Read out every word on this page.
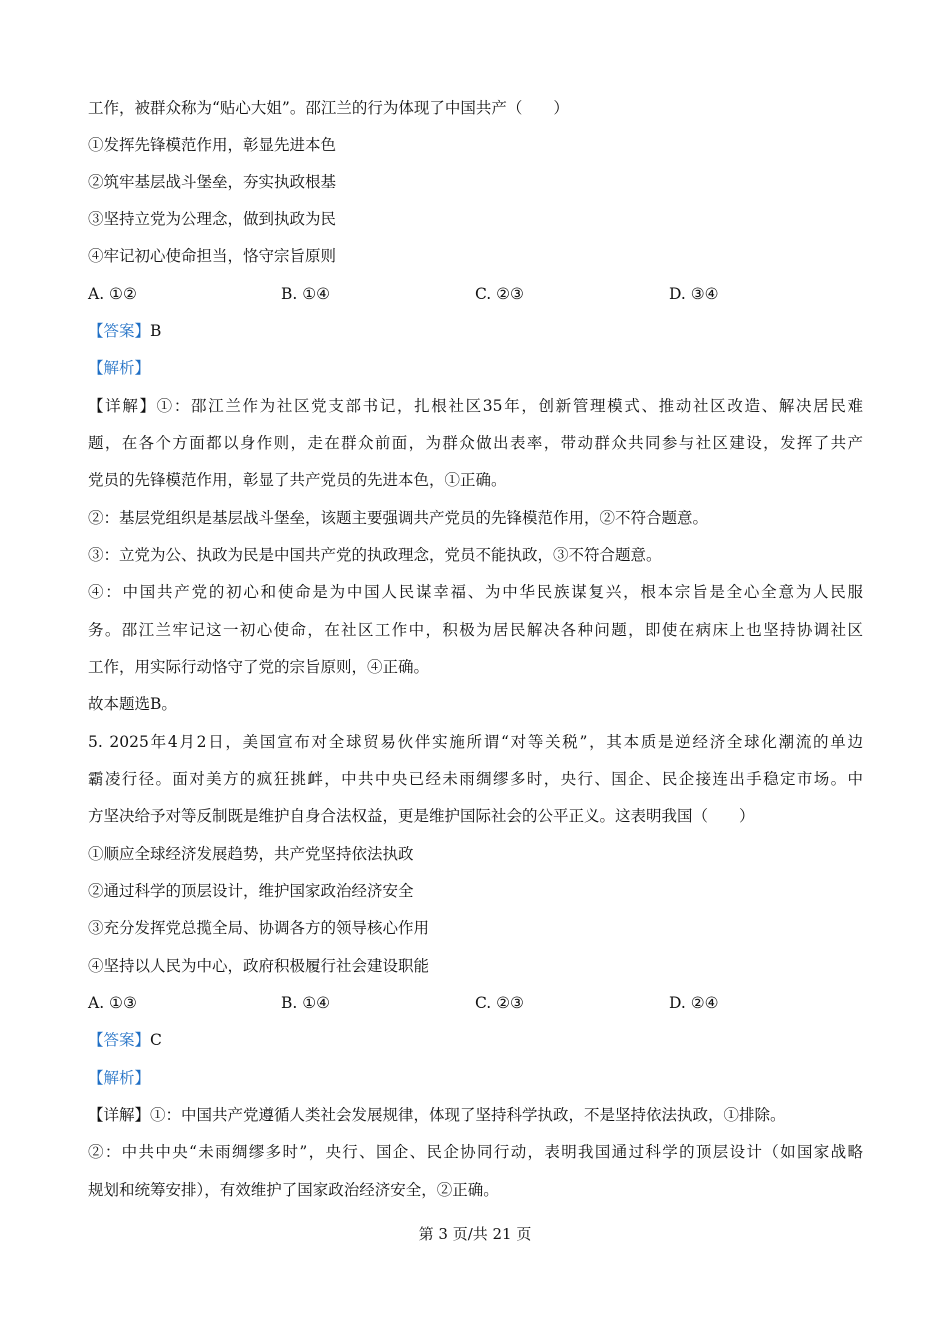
工作，被群众称为“贴心大姐”。邵江兰的行为体现了中国共产（　　）
①发挥先锋模范作用，彰显先进本色
②筑牢基层战斗堡垒，夯实执政根基
③坚持立党为公理念，做到执政为民
④牢记初心使命担当，恪守宗旨原则
A. ①②	B. ①④	C. ②③	D. ③④
【答案】B
【解析】
【详解】①：邵江兰作为社区党支部书记，扎根社区35年，创新管理模式、推动社区改造、解决居民难
题，在各个方面都以身作则，走在群众前面，为群众做出表率，带动群众共同参与社区建设，发挥了共产
党员的先锋模范作用，彰显了共产党员的先进本色，①正确。
②：基层党组织是基层战斗堡垒，该题主要强调共产党员的先锋模范作用，②不符合题意。
③：立党为公、执政为民是中国共产党的执政理念，党员不能执政，③不符合题意。
④：中国共产党的初心和使命是为中国人民谋幸福、为中华民族谋复兴，根本宗旨是全心全意为人民服
务。邵江兰牢记这一初心使命，在社区工作中，积极为居民解决各种问题，即使在病床上也坚持协调社区
工作，用实际行动恪守了党的宗旨原则，④正确。
故本题选B。
5. 2025年4月2日，美国宣布对全球贸易伙伴实施所谓“对等关税”，其本质是逆经济全球化潮流的单边
霸凌行径。面对美方的疯狂挑衅，中共中央已经未雨绸缪多时，央行、国企、民企接连出手稳定市场。中
方坚决给予对等反制既是维护自身合法权益，更是维护国际社会的公平正义。这表明我国（　　）
①顺应全球经济发展趋势，共产党坚持依法执政
②通过科学的顶层设计，维护国家政治经济安全
③充分发挥党总揽全局、协调各方的领导核心作用
④坚持以人民为中心，政府积极履行社会建设职能
A. ①③	B. ①④	C. ②③	D. ②④
【答案】C
【解析】
【详解】①：中国共产党遵循人类社会发展规律，体现了坚持科学执政，不是坚持依法执政，①排除。
②：中共中央“未雨绸缪多时”，央行、国企、民企协同行动，表明我国通过科学的顶层设计（如国家战略
规划和统筹安排），有效维护了国家政治经济安全，②正确。
第 3 页/共 21 页
